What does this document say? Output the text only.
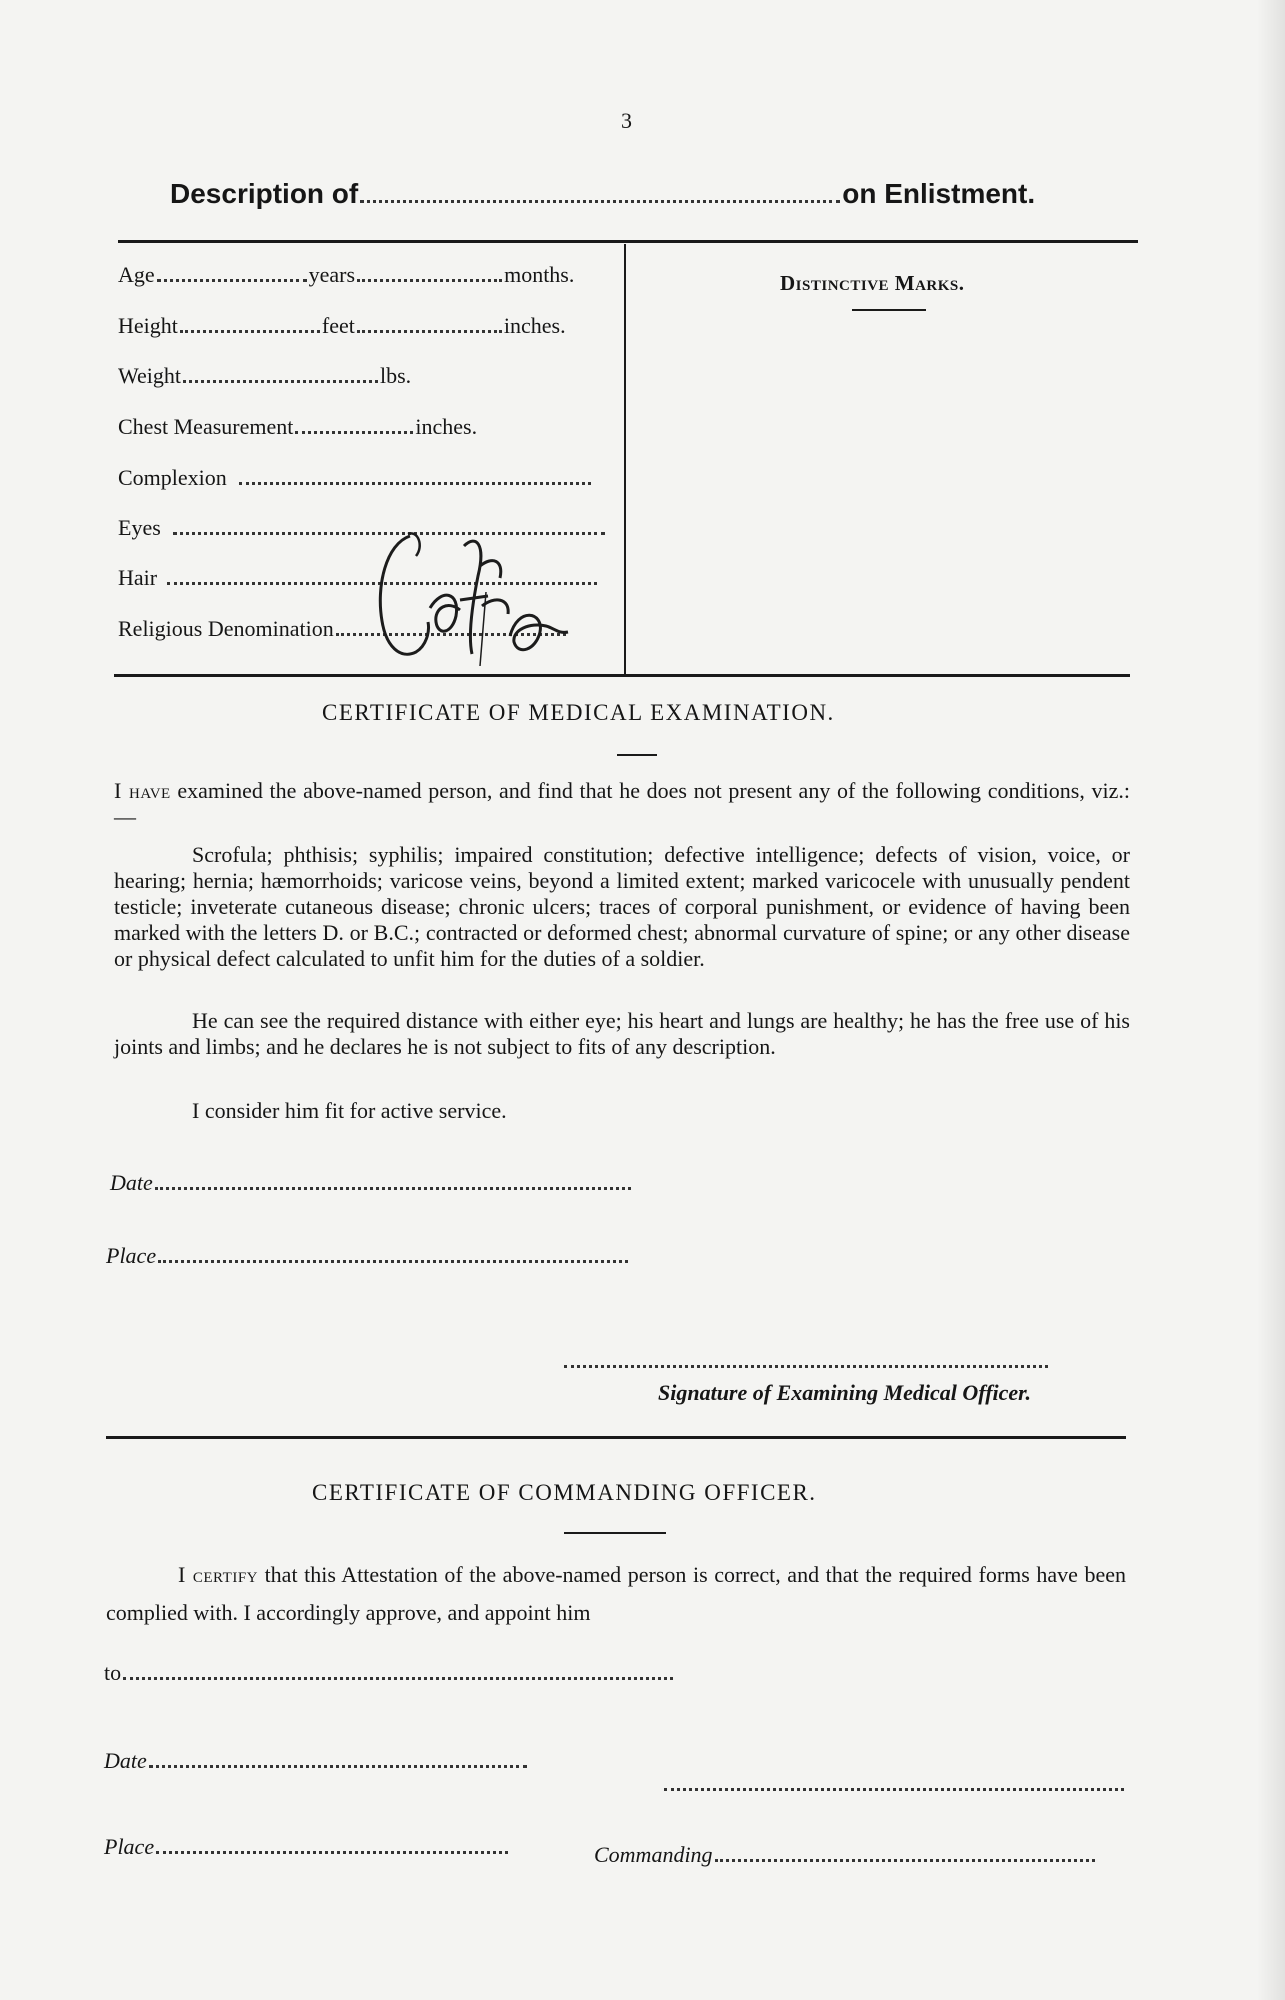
3
Description of	on Enlistment.
Age	years	months.
Height	feet	inches.
Weight	lbs.
Chest Measurement	inches.
Complexion
Eyes
Hair
Religious Denomination
Distinctive Marks.
CERTIFICATE OF MEDICAL EXAMINATION.
I have examined the above-named person, and find that he does not present any of the following conditions, viz.:—
Scrofula; phthisis; syphilis; impaired constitution; defective intelligence; defects of vision, voice, or hearing; hernia; hæmorrhoids; varicose veins, beyond a limited extent; marked varicocele with unusually pendent testicle; inveterate cutaneous disease; chronic ulcers; traces of corporal punishment, or evidence of having been marked with the letters D. or B.C.; contracted or deformed chest; abnormal curvature of spine; or any other disease or physical defect calculated to unfit him for the duties of a soldier.
He can see the required distance with either eye; his heart and lungs are healthy; he has the free use of his joints and limbs; and he declares he is not subject to fits of any description.
I consider him fit for active service.
Date
Place
Signature of Examining Medical Officer.
CERTIFICATE OF COMMANDING OFFICER.
I certify that this Attestation of the above-named person is correct, and that the required forms have been complied with. I accordingly approve, and appoint him
to
Date
Place	Commanding
